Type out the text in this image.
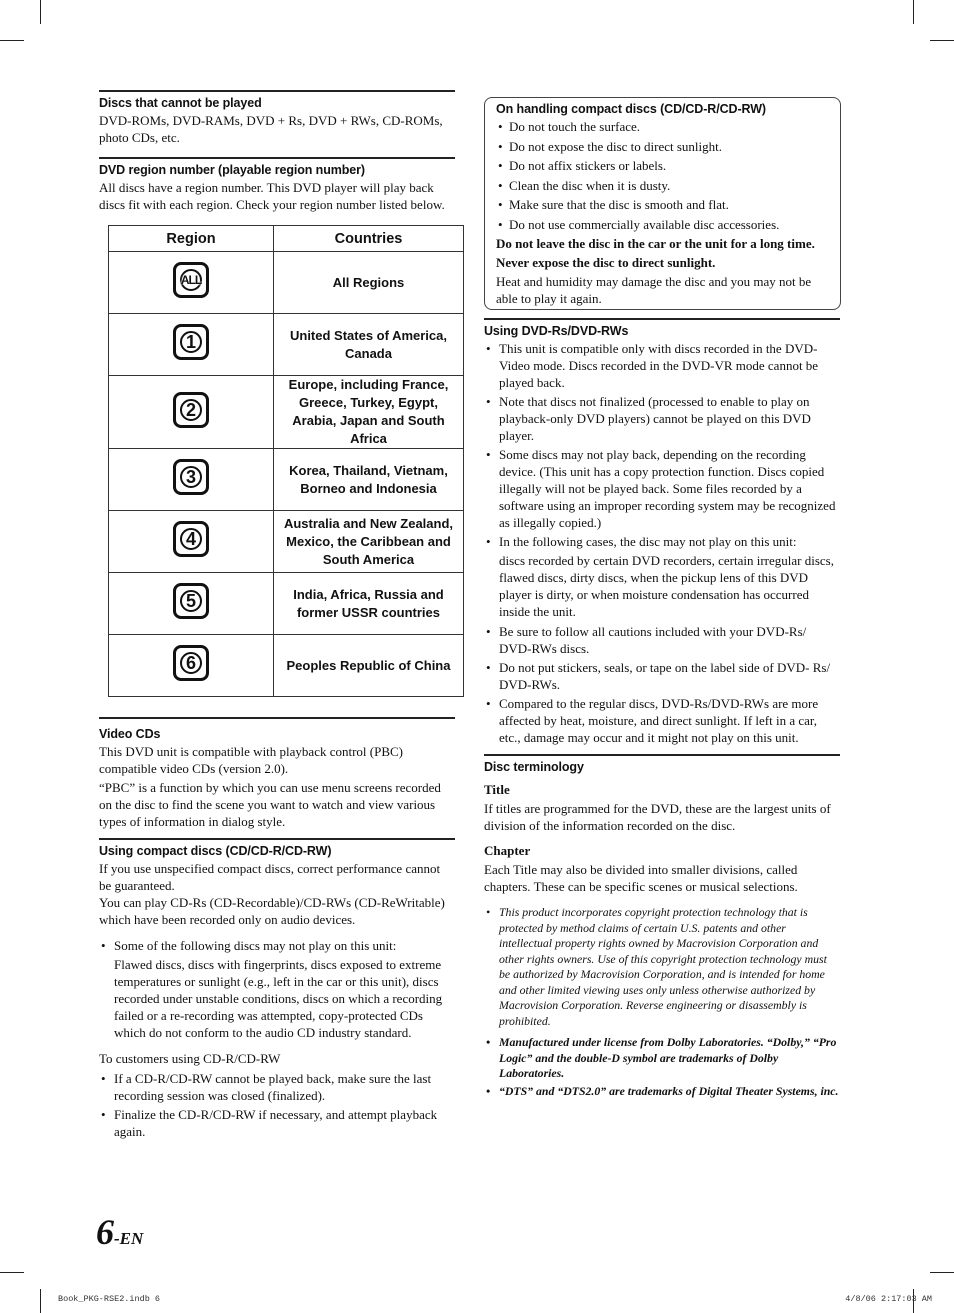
Discs that cannot be played

DVD-ROMs, DVD-RAMs, DVD + Rs, DVD + RWs, CD-ROMs, photo CDs, etc.

DVD region number (playable region number)

All discs have a region number. This DVD player will play back discs fit with each region. Check your region number listed below.

Region	Countries

ALL	All Regions

1	United States of America, Canada

2	Europe, including France, Greece, Turkey, Egypt, Arabia, Japan and South Africa

3	Korea, Thailand, Vietnam, Borneo and Indonesia

4	Australia and New Zealand, Mexico, the Caribbean and South America

5	India, Africa, Russia and former USSR countries

6	Peoples Republic of China
Video CDs

This DVD unit is compatible with playback control (PBC) compatible video CDs (version 2.0).

“PBC” is a function by which you can use menu screens recorded on the disc to find the scene you want to watch and view various types of information in dialog style.

Using compact discs (CD/CD-R/CD-RW)

If you use unspecified compact discs, correct performance cannot be guaranteed.

You can play CD-Rs (CD-Recordable)/CD-RWs (CD-ReWritable) which have been recorded only on audio devices.

• Some of the following discs may not play on this unit:

Flawed discs, discs with fingerprints, discs exposed to extreme temperatures or sunlight (e.g., left in the car or this unit), discs recorded under unstable conditions, discs on which a recording failed or a re-recording was attempted, copy-protected CDs which do not conform to the audio CD industry standard.

To customers using CD-R/CD-RW

• If a CD-R/CD-RW cannot be played back, make sure the last recording session was closed (finalized).
• Finalize the CD-R/CD-RW if necessary, and attempt playback again.
On handling compact discs (CD/CD-R/CD-RW)
• Do not touch the surface.
• Do not expose the disc to direct sunlight.
• Do not affix stickers or labels.
• Clean the disc when it is dusty.
• Make sure that the disc is smooth and flat.
• Do not use commercially available disc accessories.

Do not leave the disc in the car or the unit for a long time.

Never expose the disc to direct sunlight.

Heat and humidity may damage the disc and you may not be able to play it again.

Using DVD-Rs/DVD-RWs
• This unit is compatible only with discs recorded in the DVD-Video mode. Discs recorded in the DVD-VR mode cannot be played back.
• Note that discs not finalized (processed to enable to play on playback-only DVD players) cannot be played on this DVD player.
• Some discs may not play back, depending on the recording device. (This unit has a copy protection function. Discs copied illegally will not be played back. Some files recorded by a software using an improper recording system may be recognized as illegally copied.)
• In the following cases, the disc may not play on this unit:

discs recorded by certain DVD recorders, certain irregular discs, flawed discs, dirty discs, when the pickup lens of this DVD player is dirty, or when moisture condensation has occurred inside the unit.

• Be sure to follow all cautions included with your DVD-Rs/ DVD-RWs discs.
• Do not put stickers, seals, or tape on the label side of DVD- Rs/ DVD-RWs.
• Compared to the regular discs, DVD-Rs/DVD-RWs are more affected by heat, moisture, and direct sunlight. If left in a car, etc., damage may occur and it might not play on this unit.
Disc terminology
Title

If titles are programmed for the DVD, these are the largest units of division of the information recorded on the disc.

Chapter

Each Title may also be divided into smaller divisions, called chapters. These can be specific scenes or musical selections.

• This product incorporates copyright protection technology that is protected by method claims of certain U.S. patents and other intellectual property rights owned by Macrovision Corporation and other rights owners. Use of this copyright protection technology must be authorized by Macrovision Corporation, and is intended for home and other limited viewing uses only unless otherwise authorized by Macrovision Corporation. Reverse engineering or disassembly is prohibited.
• Manufactured under license from Dolby Laboratories. “Dolby,” “Pro Logic” and the double-D symbol are trademarks of Dolby Laboratories.
• “DTS” and “DTS2.0” are trademarks of Digital Theater Systems, inc.
6-EN
Book_PKG-RSE2.indb 6	4/8/06 2:17:03 AM
